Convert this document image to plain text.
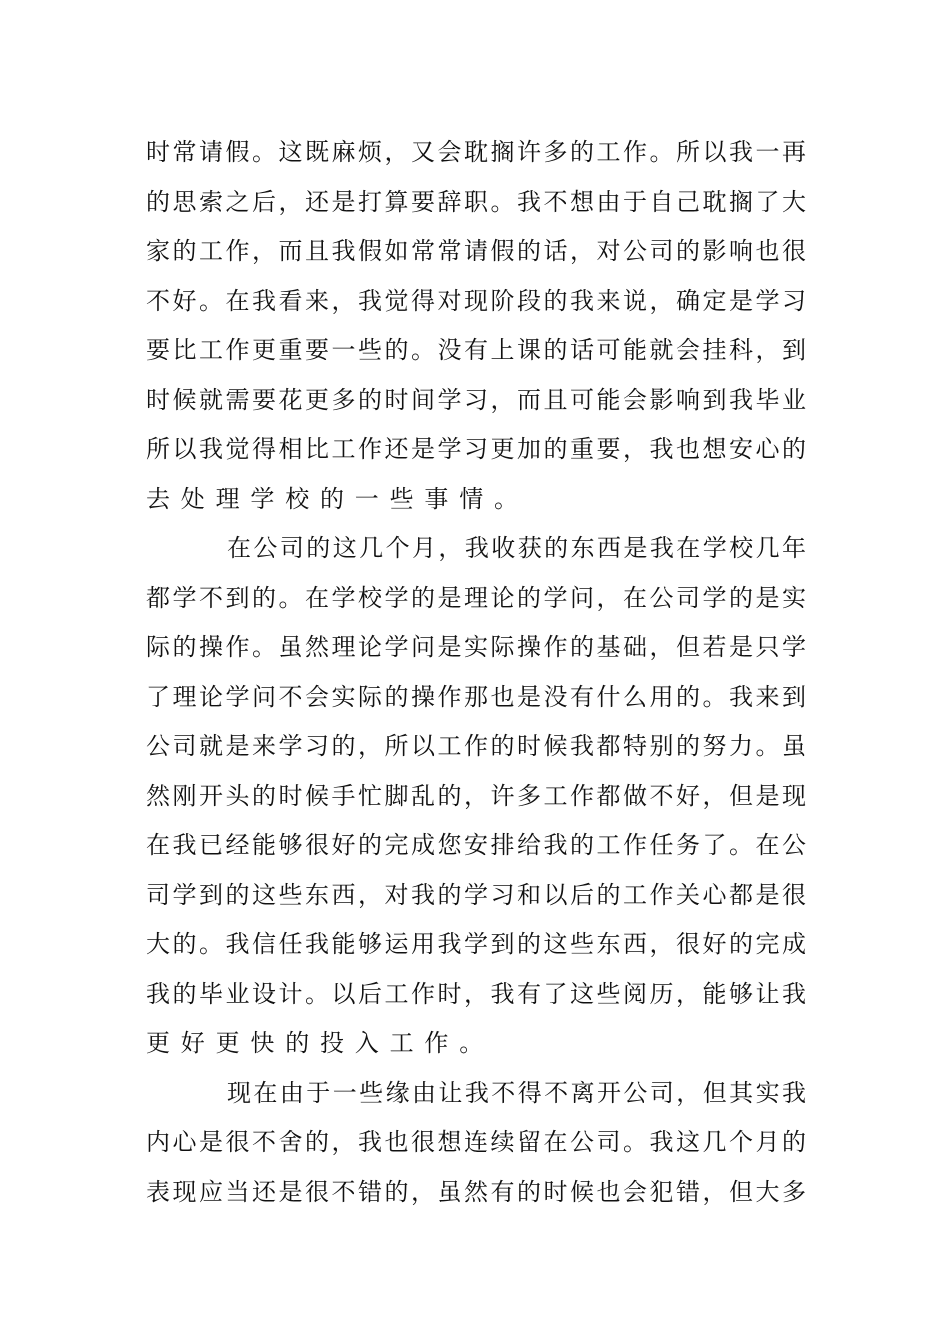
时常请假。这既麻烦，又会耽搁许多的工作。所以我一再
的思索之后，还是打算要辞职。我不想由于自己耽搁了大
家的工作，而且我假如常常请假的话，对公司的影响也很
不好。在我看来，我觉得对现阶段的我来说，确定是学习
要比工作更重要一些的。没有上课的话可能就会挂科，到
时候就需要花更多的时间学习，而且可能会影响到我毕业
所以我觉得相比工作还是学习更加的重要，我也想安心的
去处理学校的一些事情。
在公司的这几个月，我收获的东西是我在学校几年
都学不到的。在学校学的是理论的学问，在公司学的是实
际的操作。虽然理论学问是实际操作的基础，但若是只学
了理论学问不会实际的操作那也是没有什么用的。我来到
公司就是来学习的，所以工作的时候我都特别的努力。虽
然刚开头的时候手忙脚乱的，许多工作都做不好，但是现
在我已经能够很好的完成您安排给我的工作任务了。在公
司学到的这些东西，对我的学习和以后的工作关心都是很
大的。我信任我能够运用我学到的这些东西，很好的完成
我的毕业设计。以后工作时，我有了这些阅历，能够让我
更好更快的投入工作。
现在由于一些缘由让我不得不离开公司，但其实我
内心是很不舍的，我也很想连续留在公司。我这几个月的
表现应当还是很不错的，虽然有的时候也会犯错，但大多
